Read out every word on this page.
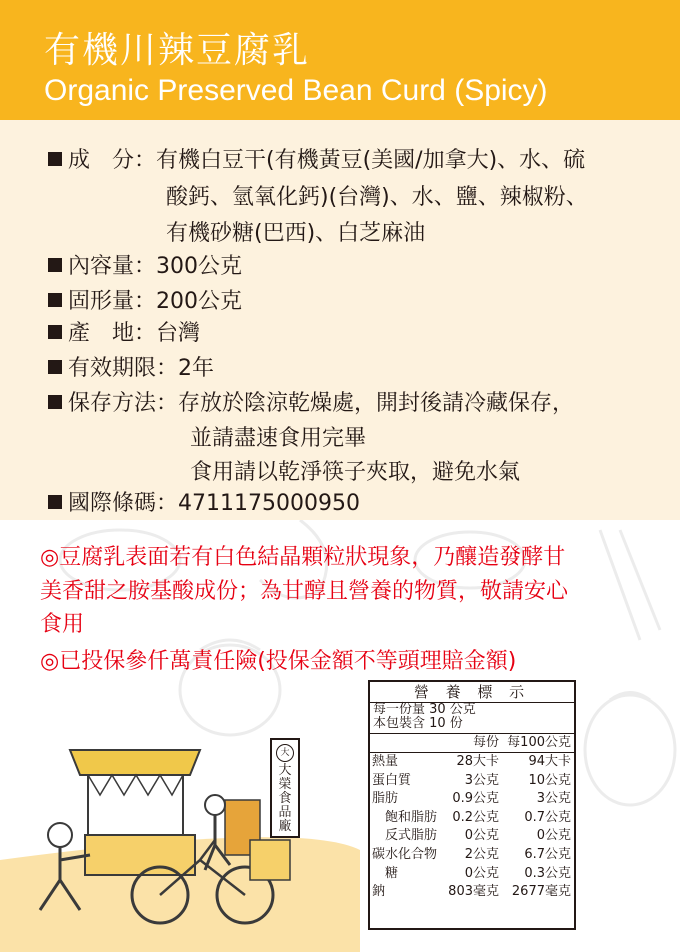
有機川辣豆腐乳
Organic Preserved Bean Curd (Spicy)
成　分：有機白豆干(有機黃豆(美國/加拿大)、水、硫
酸鈣、氫氧化鈣)(台灣)、水、鹽、辣椒粉、
有機砂糖(巴西)、白芝麻油
內容量：300公克
固形量：200公克
產　地：台灣
有效期限：2年
保存方法：存放於陰涼乾燥處，開封後請冷藏保存，
並請盡速食用完畢
食用請以乾淨筷子夾取，避免水氣
國際條碼：4711175000950
◎豆腐乳表面若有白色結晶顆粒狀現象，乃釀造發酵甘
美香甜之胺基酸成份；為甘醇且營養的物質，敬請安心
食用
◎已投保參仟萬責任險(投保金額不等頭理賠金額)
大
大
榮
食
品
廠
營 養 標 示
每一份量 30 公克
本包裝含 10 份
每份 每100公克
熱量	28大卡 94大卡
蛋白質	3公克 10公克
脂肪	0.9公克	3公克
　飽和脂肪 0.2公克 0.7公克
　反式脂肪 0公克	0公克
碳水化合物 2公克 6.7公克
　糖	0公克 0.3公克
鈉	803毫克 2677毫克
